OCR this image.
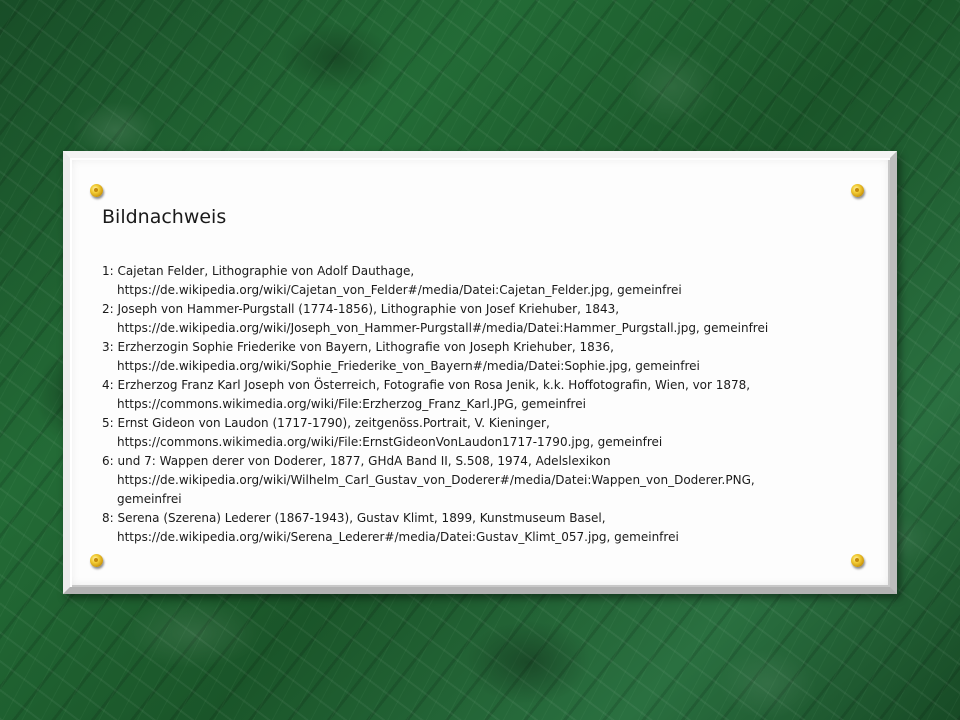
Bildnachweis
1: Cajetan Felder, Lithographie von Adolf Dauthage,
https://de.wikipedia.org/wiki/Cajetan_von_Felder#/media/Datei:Cajetan_Felder.jpg, gemeinfrei
2: Joseph von Hammer-Purgstall (1774-1856), Lithographie von Josef Kriehuber, 1843,
https://de.wikipedia.org/wiki/Joseph_von_Hammer-Purgstall#/media/Datei:Hammer_Purgstall.jpg, gemeinfrei
3: Erzherzogin Sophie Friederike von Bayern, Lithografie von Joseph Kriehuber, 1836,
https://de.wikipedia.org/wiki/Sophie_Friederike_von_Bayern#/media/Datei:Sophie.jpg, gemeinfrei
4: Erzherzog Franz Karl Joseph von Österreich, Fotografie von Rosa Jenik, k.k. Hoffotografin, Wien, vor 1878,
https://commons.wikimedia.org/wiki/File:Erzherzog_Franz_Karl.JPG, gemeinfrei
5: Ernst Gideon von Laudon (1717-1790), zeitgenöss.Portrait, V. Kieninger,
https://commons.wikimedia.org/wiki/File:ErnstGideonVonLaudon1717-1790.jpg, gemeinfrei
6: und 7: Wappen derer von Doderer, 1877, GHdA Band II, S.508, 1974, Adelslexikon
https://de.wikipedia.org/wiki/Wilhelm_Carl_Gustav_von_Doderer#/media/Datei:Wappen_von_Doderer.PNG,
gemeinfrei
8: Serena (Szerena) Lederer (1867-1943), Gustav Klimt, 1899, Kunstmuseum Basel,
https://de.wikipedia.org/wiki/Serena_Lederer#/media/Datei:Gustav_Klimt_057.jpg, gemeinfrei
